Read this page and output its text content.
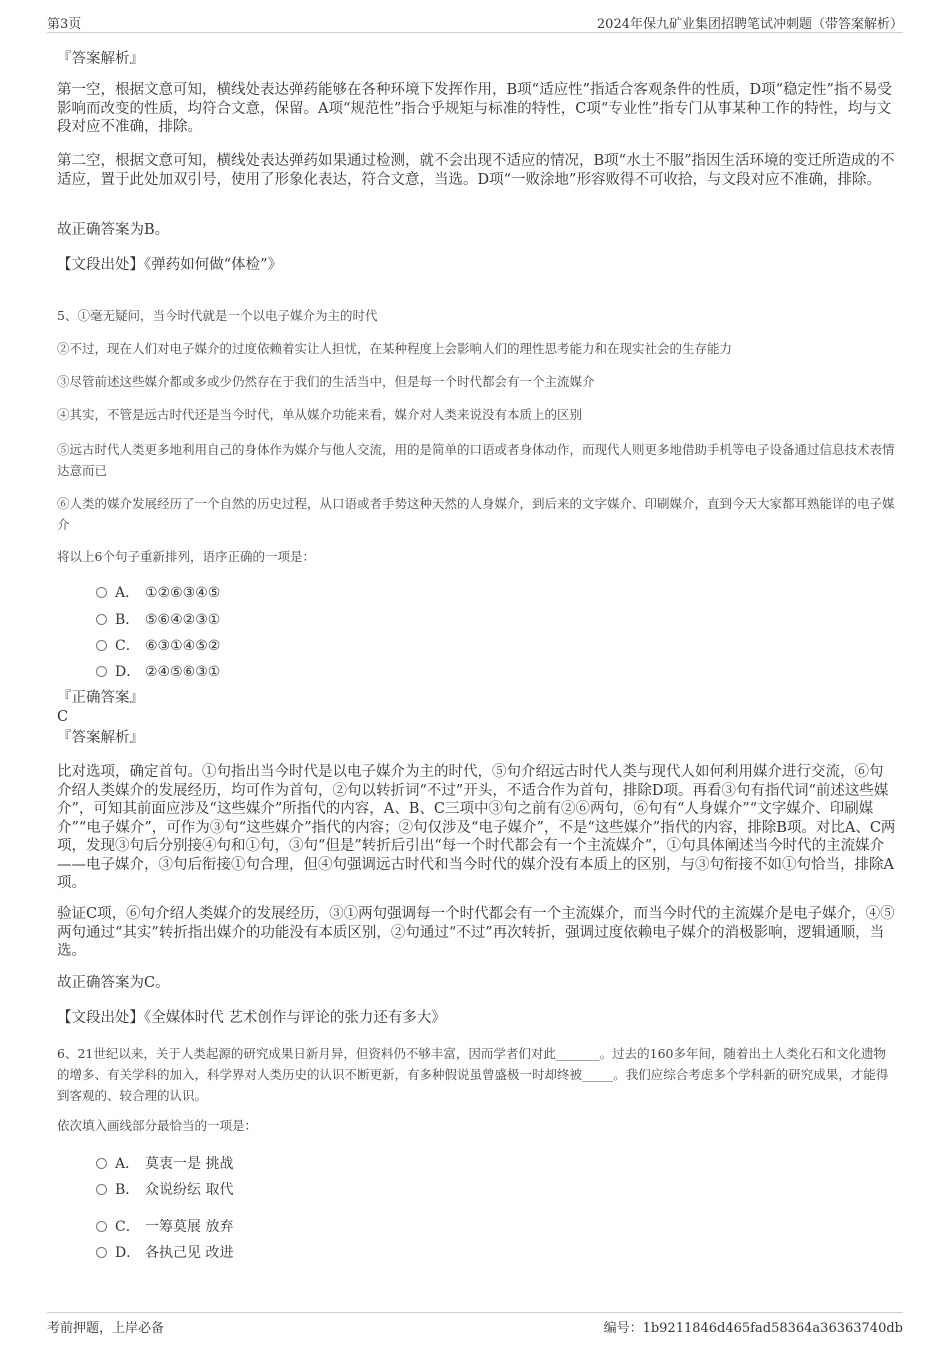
第3页	2024年保九矿业集团招聘笔试冲刺题（带答案解析）
『答案解析』
第一空，根据文意可知，横线处表达弹药能够在各种环境下发挥作用，B项“适应性”指适合客观条件的性质，D项“稳定性”指不易受影响而改变的性质，均符合文意，保留。A项“规范性”指合乎规矩与标准的特性，C项“专业性”指专门从事某种工作的特性，均与文段对应不准确，排除。
第二空，根据文意可知，横线处表达弹药如果通过检测，就不会出现不适应的情况，B项“水土不服”指因生活环境的变迁所造成的不适应，置于此处加双引号，使用了形象化表达，符合文意，当选。D项“一败涂地”形容败得不可收拾，与文段对应不准确，排除。
故正确答案为B。
【文段出处】《弹药如何做“体检”》
5、①毫无疑问，当今时代就是一个以电子媒介为主的时代
②不过，现在人们对电子媒介的过度依赖着实让人担忧，在某种程度上会影响人们的理性思考能力和在现实社会的生存能力
③尽管前述这些媒介都或多或少仍然存在于我们的生活当中，但是每一个时代都会有一个主流媒介
④其实，不管是远古时代还是当今时代，单从媒介功能来看，媒介对人类来说没有本质上的区别
⑤远古时代人类更多地利用自己的身体作为媒介与他人交流，用的是简单的口语或者身体动作，而现代人则更多地借助手机等电子设备通过信息技术表情达意而已
⑥人类的媒介发展经历了一个自然的历史过程，从口语或者手势这种天然的人身媒介，到后来的文字媒介、印刷媒介，直到今天大家都耳熟能详的电子媒介
将以上6个句子重新排列，语序正确的一项是：
A． ①②⑥③④⑤
B． ⑤⑥④②③①
C． ⑥③①④⑤②
D． ②④⑤⑥③①
『正确答案』
C
『答案解析』
比对选项，确定首句。①句指出当今时代是以电子媒介为主的时代，⑤句介绍远古时代人类与现代人如何利用媒介进行交流，⑥句介绍人类媒介的发展经历，均可作为首句，②句以转折词“不过”开头，不适合作为首句，排除D项。再看③句有指代词“前述这些媒介”，可知其前面应涉及“这些媒介”所指代的内容，A、B、C三项中③句之前有②⑥两句，⑥句有“人身媒介”“文字媒介、印刷媒介”“电子媒介”，可作为③句“这些媒介”指代的内容；②句仅涉及“电子媒介”，不是“这些媒介”指代的内容，排除B项。对比A、C两项，发现③句后分别接④句和①句，③句“但是”转折后引出“每一个时代都会有一个主流媒介”，①句具体阐述当今时代的主流媒介——电子媒介，③句后衔接①句合理，但④句强调远古时代和当今时代的媒介没有本质上的区别，与③句衔接不如①句恰当，排除A项。
验证C项，⑥句介绍人类媒介的发展经历，③①两句强调每一个时代都会有一个主流媒介，而当今时代的主流媒介是电子媒介，④⑤两句通过“其实”转折指出媒介的功能没有本质区别，②句通过“不过”再次转折，强调过度依赖电子媒介的消极影响，逻辑通顺，当选。
故正确答案为C。
【文段出处】《全媒体时代 艺术创作与评论的张力还有多大》
6、21世纪以来，关于人类起源的研究成果日新月异，但资料仍不够丰富，因而学者们对此_______。过去的160多年间，随着出土人类化石和文化遗物的增多、有关学科的加入，科学界对人类历史的认识不断更新，有多种假说虽曾盛极一时却终被_____。我们应综合考虑多个学科新的研究成果，才能得到客观的、较合理的认识。
依次填入画线部分最恰当的一项是：
A． 莫衷一是 挑战
B． 众说纷纭 取代
C． 一筹莫展 放弃
D． 各执己见 改进
考前押题，上岸必备	编号：1b9211846d465fad58364a36363740db
